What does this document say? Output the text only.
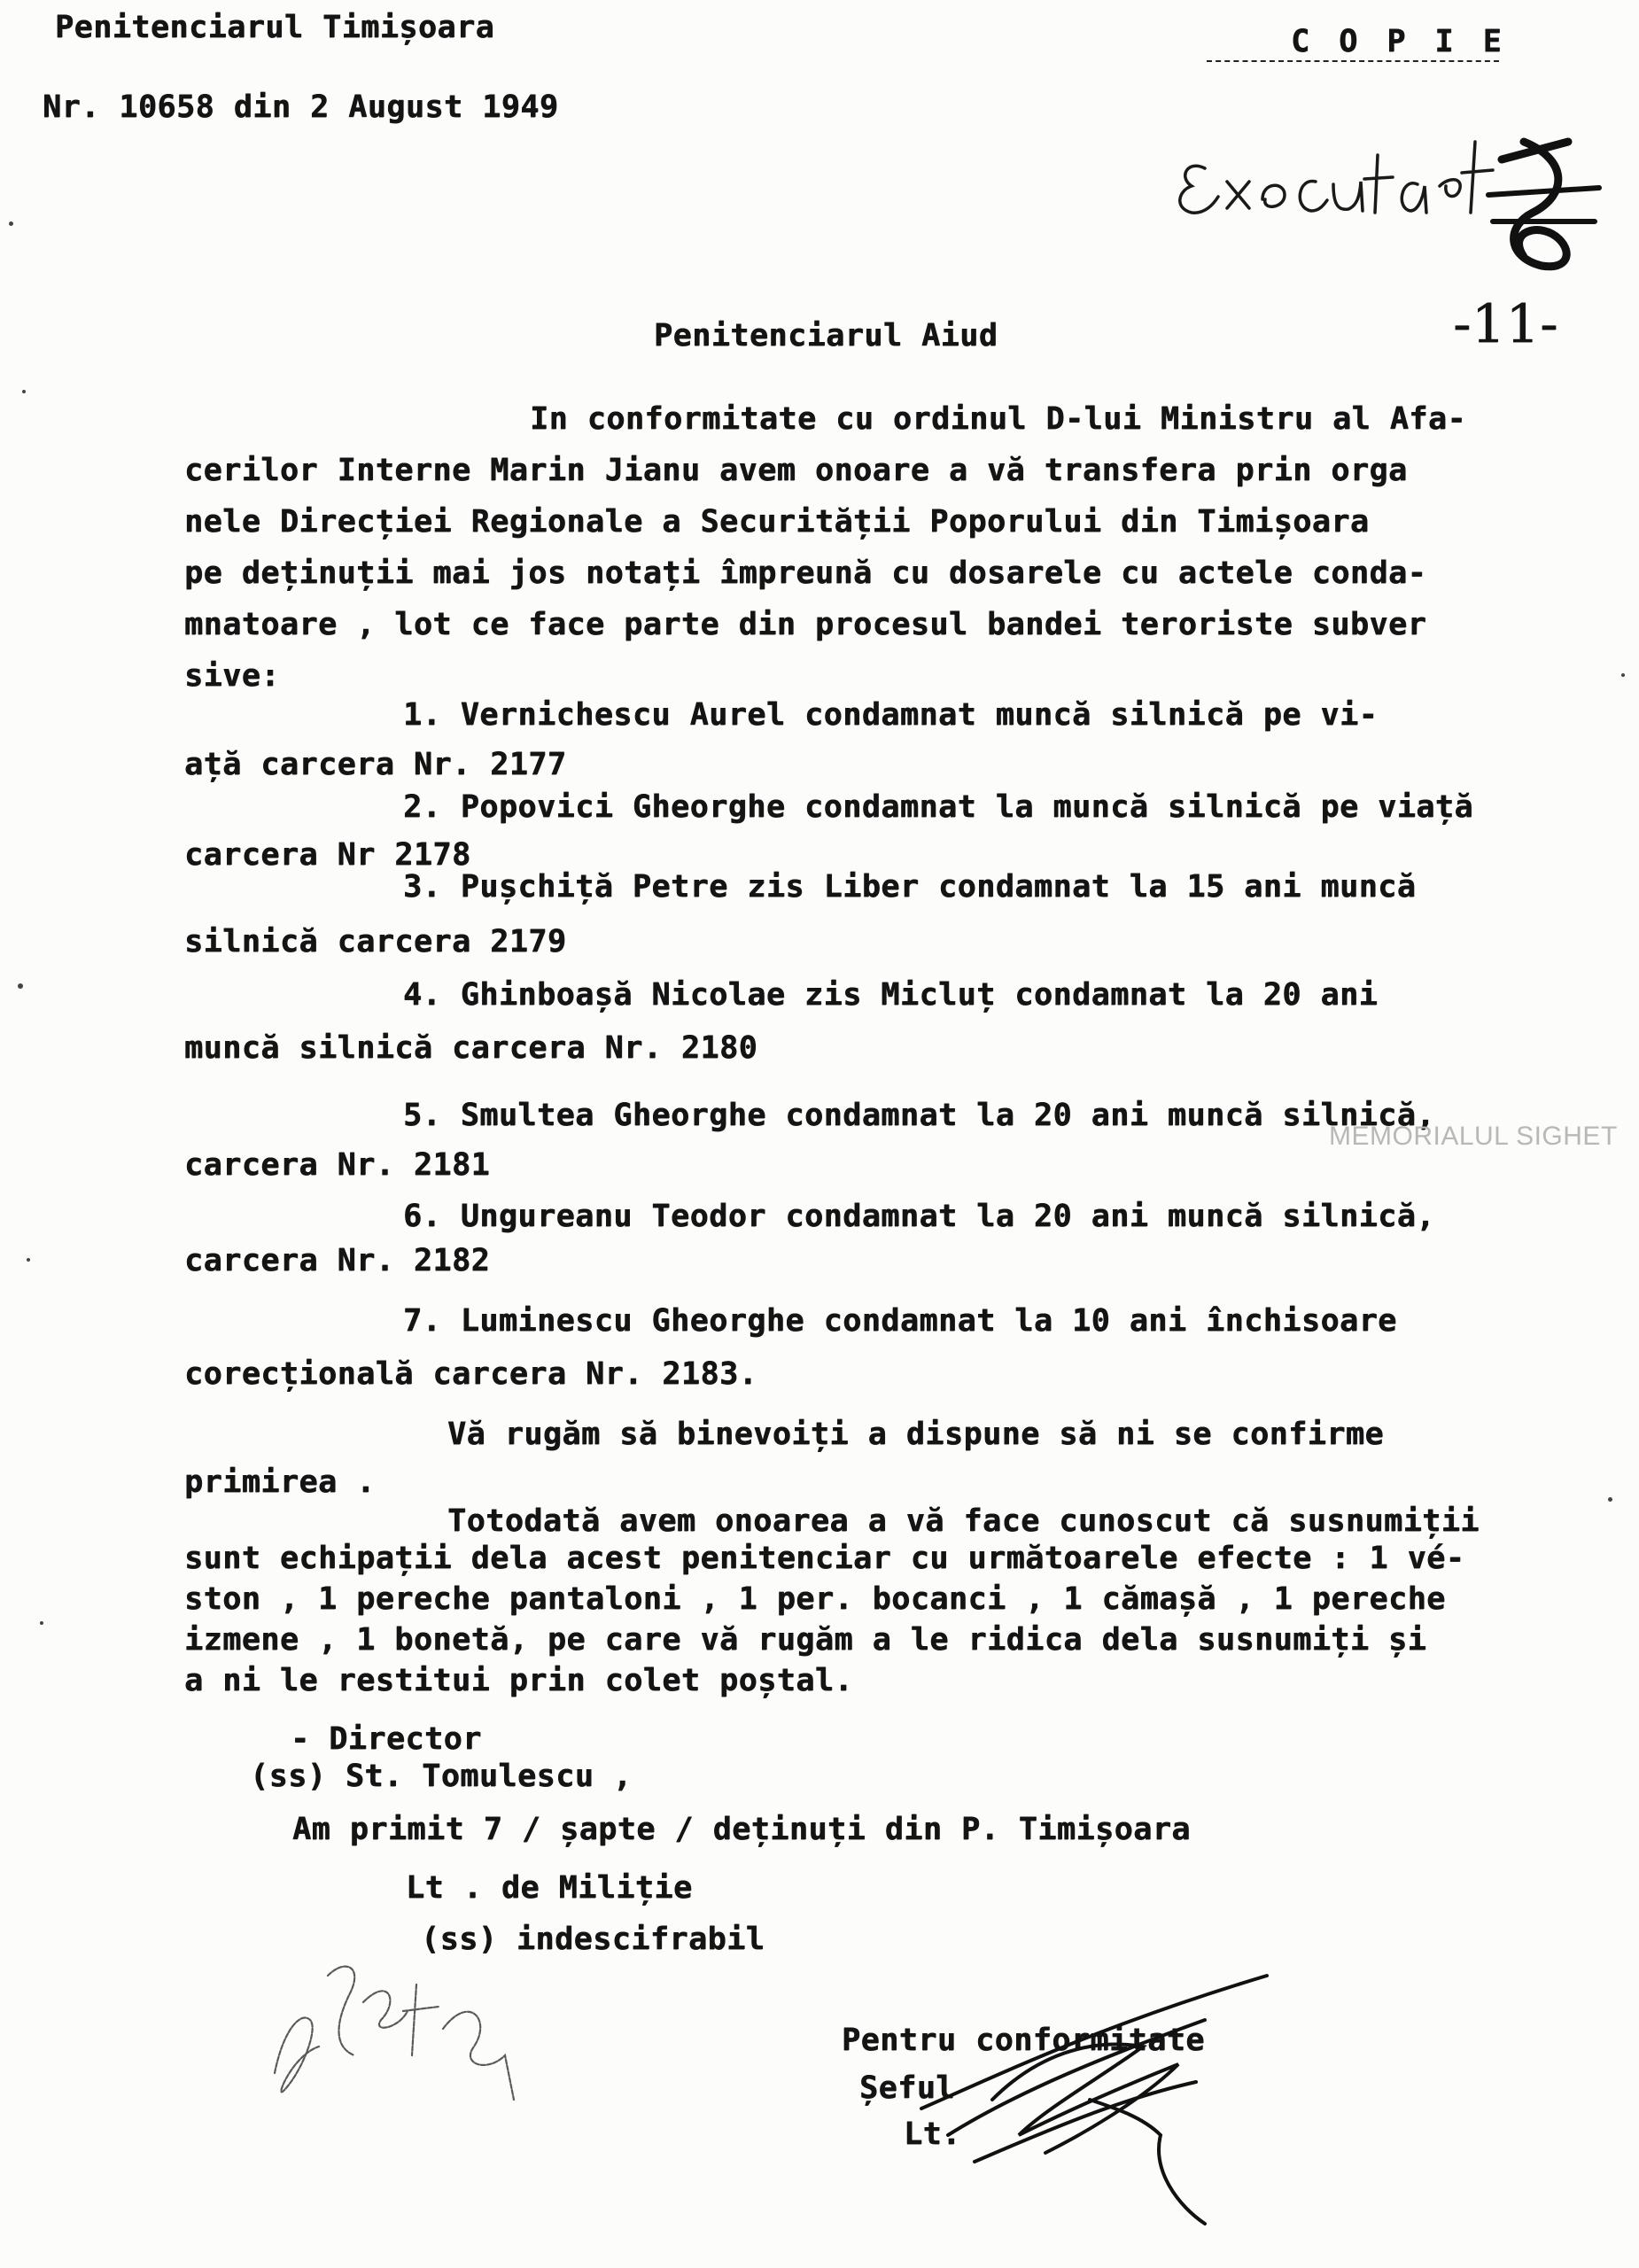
Penitenciarul Timișoara
Nr. 10658 din 2 August 1949
C O P I E
Executat
-11-
Penitenciarul Aiud
In conformitate cu ordinul D-lui Ministru al Afa-
cerilor Interne Marin Jianu avem onoare a vă transfera prin orga
nele Direcției Regionale a Securității Poporului din Timișoara
pe deținuții mai jos notați împreună cu dosarele cu actele conda-
mnatoare , lot ce face parte din procesul bandei teroriste subver
sive:
1. Vernichescu Aurel condamnat muncă silnică pe vi-
ață carcera Nr. 2177
2. Popovici Gheorghe condamnat la muncă silnică pe viață
carcera Nr 2178
3. Pușchiță Petre zis Liber condamnat la 15 ani muncă
silnică carcera 2179
4. Ghinboașă Nicolae zis Micluț condamnat la 20 ani
muncă silnică carcera Nr. 2180
5. Smultea Gheorghe condamnat la 20 ani muncă silnică,
carcera Nr. 2181
6. Ungureanu Teodor condamnat la 20 ani muncă silnică,
carcera Nr. 2182
7. Luminescu Gheorghe condamnat la 10 ani închisoare
corecțională carcera Nr. 2183.
Vă rugăm să binevoiți a dispune să ni se confirme
primirea .
Totodată avem onoarea a vă face cunoscut că susnumiții
sunt echipații dela acest penitenciar cu următoarele efecte : 1 vé-
ston , 1 pereche pantaloni , 1 per. bocanci , 1 cămașă , 1 pereche
izmene , 1 bonetă, pe care vă rugăm a le ridica dela susnumiți și
a ni le restitui prin colet poștal.
- Director
(ss) St. Tomulescu ,
Am primit 7 / șapte / deținuți din P. Timișoara
Lt . de Miliție
(ss) indescifrabil
Pentru conformitate
Șeful
Lt.
MEMORIALUL SIGHET
